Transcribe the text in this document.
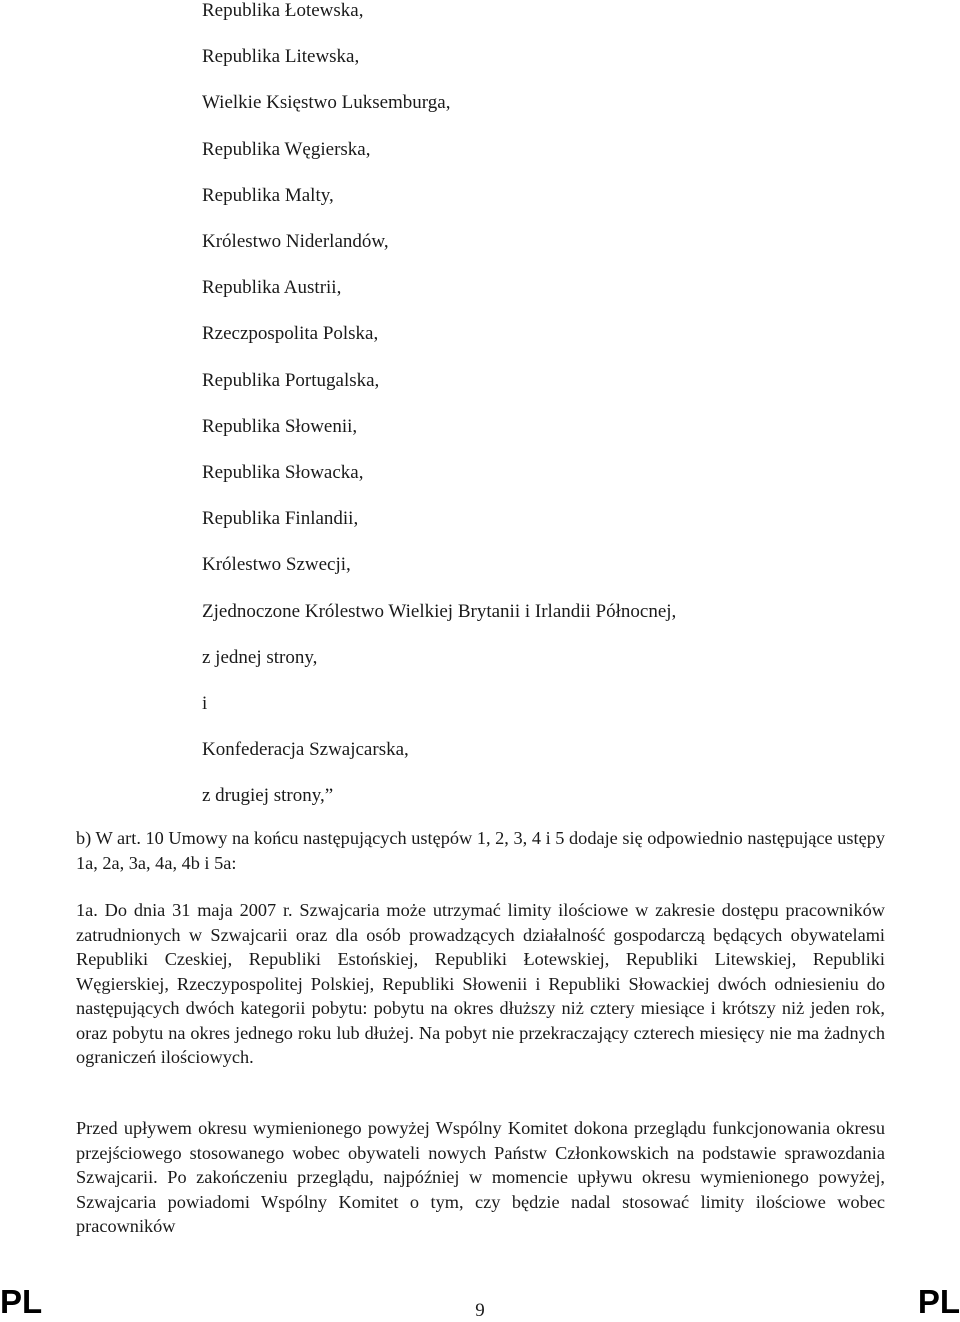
Republika Łotewska,
Republika Litewska,
Wielkie Księstwo Luksemburga,
Republika Węgierska,
Republika Malty,
Królestwo Niderlandów,
Republika Austrii,
Rzeczpospolita Polska,
Republika Portugalska,
Republika Słowenii,
Republika Słowacka,
Republika Finlandii,
Królestwo Szwecji,
Zjednoczone Królestwo Wielkiej Brytanii i Irlandii Północnej,
z jednej strony,
i
Konfederacja Szwajcarska,
z drugiej strony,”

b) W art. 10 Umowy na końcu następujących ustępów 1, 2, 3, 4 i 5 dodaje się odpowiednio następujące ustępy 1a, 2a, 3a, 4a, 4b i 5a:

1a. Do dnia 31 maja 2007 r. Szwajcaria może utrzymać limity ilościowe w zakresie dostępu pracowników zatrudnionych w Szwajcarii oraz dla osób prowadzących działalność gospodarczą będących obywatelami Republiki Czeskiej, Republiki Estońskiej, Republiki Łotewskiej, Republiki Litewskiej, Republiki Węgierskiej, Rzeczypospolitej Polskiej, Republiki Słowenii i Republiki Słowackiej dwóch odniesieniu do następujących dwóch kategorii pobytu: pobytu na okres dłuższy niż cztery miesiące i krótszy niż jeden rok, oraz pobytu na okres jednego roku lub dłużej. Na pobyt nie przekraczający czterech miesięcy nie ma żadnych ograniczeń ilościowych.

Przed upływem okresu wymienionego powyżej Wspólny Komitet dokona przeglądu funkcjonowania okresu przejściowego stosowanego wobec obywateli nowych Państw Członkowskich na podstawie sprawozdania Szwajcarii. Po zakończeniu przeglądu, najpóźniej w momencie upływu okresu wymienionego powyżej, Szwajcaria powiadomi Wspólny Komitet o tym, czy będzie nadal stosować limity ilościowe wobec pracowników

PL	9	PL
